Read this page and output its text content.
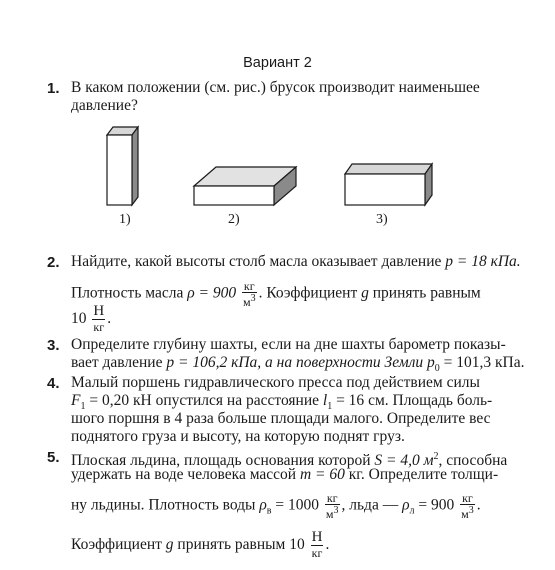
Вариант 2
1. В каком положении (см. рис.) брусок производит наименьшее
давление?
1)	2)	3)
2. Найдите, какой высоты столб масла оказывает давление p = 18 кПа.
Плотность масла $\rho = 900 \frac{кг}{м^3}$ . Коэффициент g принять равным
$10 \frac{Н}{кг}$ .
3. Определите глубину шахты, если на дне шахты барометр показы-
вает давление p = 106,2 кПа, а на поверхности Земли $p_0 = 101,3$ кПа.
4. Малый поршень гидравлического пресса под действием силы
$F_1 = 0,20$ кН опустился на расстояние $l_1 = 16$ см. Площадь боль-
шого поршня в 4 раза больше площади малого. Определите вес
поднятого груза и высоту, на которую поднят груз.
5. Плоская льдина, площадь основания которой S = 4,0 $м^2$, способна
удержать на воде человека массой m = 60 кг. Определите толщи-
ну льдины. Плотность воды $\rho_в = 1000 \frac{кг}{м^3}$ , льда — $\rho_л = 900 \frac{кг}{м^3}$ .
Коэффициент g принять равным $10 \frac{Н}{кг}$ .
